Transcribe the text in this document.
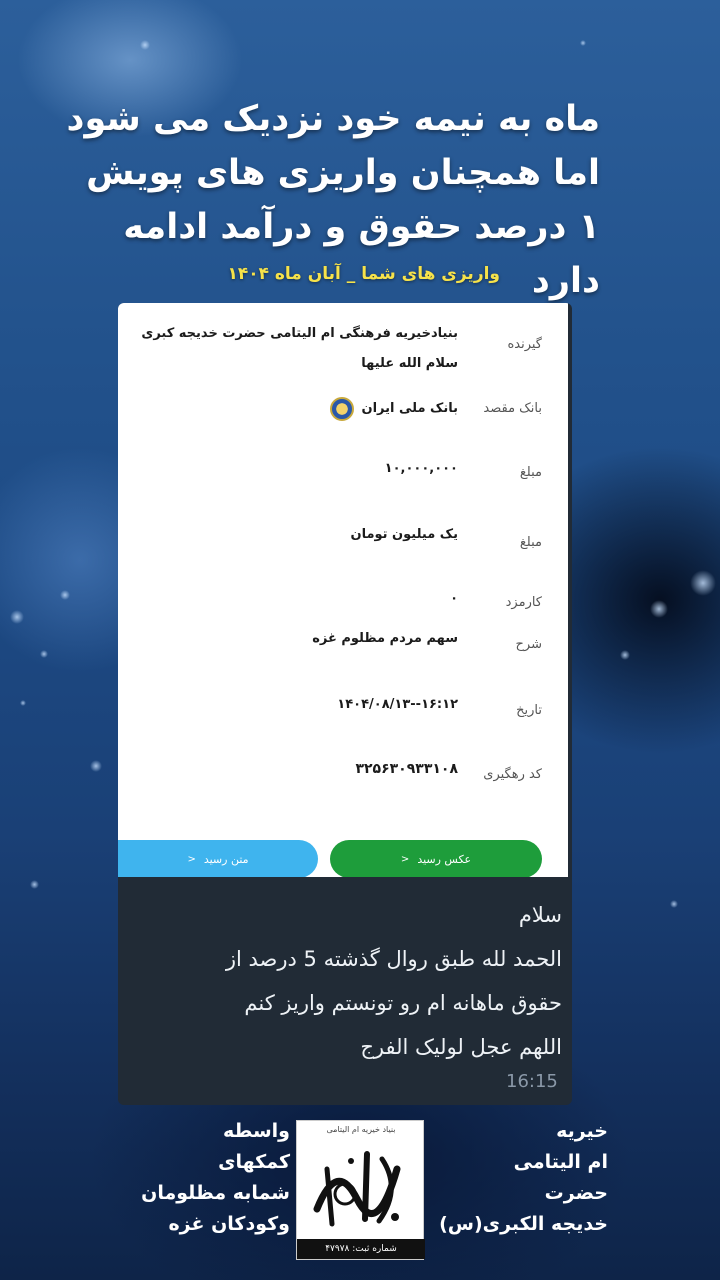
ماه به نیمه خود نزدیک می شود
اما همچنان واریزی های پویش
۱ درصد حقوق و درآمد ادامه دارد
واریزی های شما _ آبان ماه ۱۴۰۴
گیرنده
بنیادخیریه فرهنگی ام الیتامی حضرت خدیجه کبری سلام الله علیها
بانک مقصد
بانک ملی ایران
مبلغ
۱۰,۰۰۰,۰۰۰
مبلغ
یک میلیون تومان
کارمزد
۰
شرح
سهم مردم مظلوم غزه
تاریخ
۱۶:۱۲--۱۴۰۴/۰۸/۱۳
کد رهگیری
۳۲۵۶۳۰۹۳۳۱۰۸
عکس رسید
<
متن رسید
<
سلام
الحمد لله طبق روال گذشته 5 درصد از
حقوق ماهانه ام رو تونستم واریز کنم
اللهم عجل لولیک الفرج
16:15
واسطه
کمکهای
شمابه مظلومان
وکودکان غزه
بنیاد خیریه ام الیتامی
شماره ثبت: ۴۷۹۷۸
خیریه
ام الیتامی
حضرت
خدیجه الکبری(س)
